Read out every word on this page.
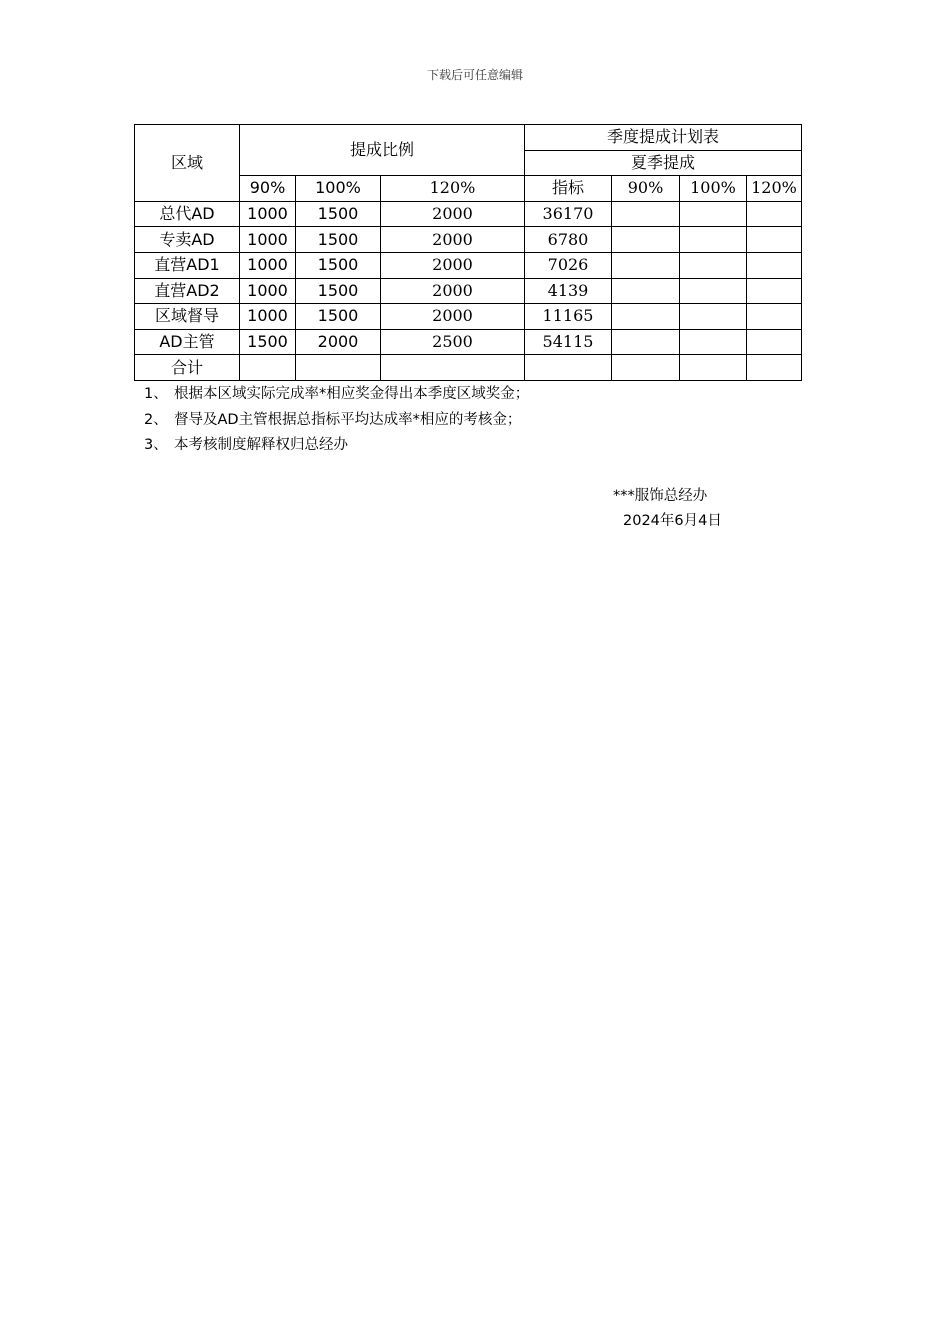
下载后可任意编辑
区域	提成比例			季度提成计划表			
				夏季提成			
	90%	100%	120%	指标	90%	100%	120%
总代AD	1000	1500	2000	36170			
专卖AD	1000	1500	2000	6780			
直营AD1	1000	1500	2000	7026			
直营AD2	1000	1500	2000	4139			
区域督导	1000	1500	2000	11165			
AD主管	1500	2000	2500	54115			
合计							
1、 根据本区域实际完成率*相应奖金得出本季度区域奖金；
2、 督导及AD主管根据总指标平均达成率*相应的考核金；
3、 本考核制度解释权归总经办
***服饰总经办
2024年6月4日
